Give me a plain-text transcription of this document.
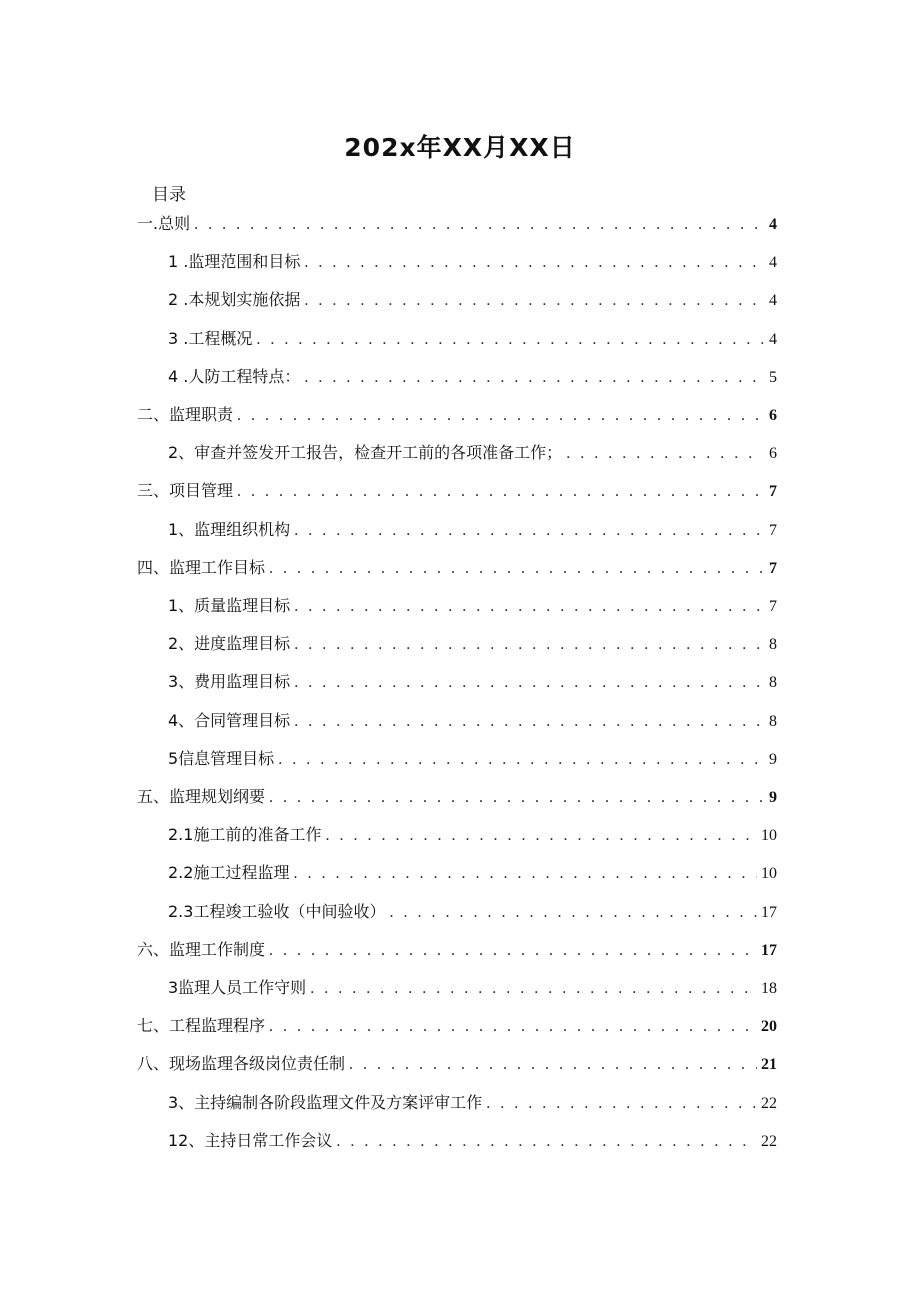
202x年XX月XX日
目录
一.总则 . . .	4
1 .监理范围和目标 . . .	4
2 .本规划实施依据 . . .	4
3 .工程概况 . . .	4
4 .人防工程特点： . . .	5
二、监理职责 . . .	6
2、审查并签发开工报告，检查开工前的各项准备工作； . . .	6
三、项目管理 . . .	7
1、监理组织机构 . . .	7
四、监理工作目标 . . .	7
1、质量监理目标 . . .	7
2、进度监理目标 . . .	8
3、费用监理目标 . . .	8
4、合同管理目标 . . .	8
5信息管理目标 . . .	9
五、监理规划纲要 . . .	9
2.1施工前的准备工作 . . .	10
2.2施工过程监理 . . .	10
2.3工程竣工验收（中间验收） . . .	17
六、监理工作制度 . . .	17
3监理人员工作守则 . . .	18
七、工程监理程序 . . .	20
八、现场监理各级岗位责任制 . . .	21
3、主持编制各阶段监理文件及方案评审工作 . . .	22
12、主持日常工作会议 . . .	22
